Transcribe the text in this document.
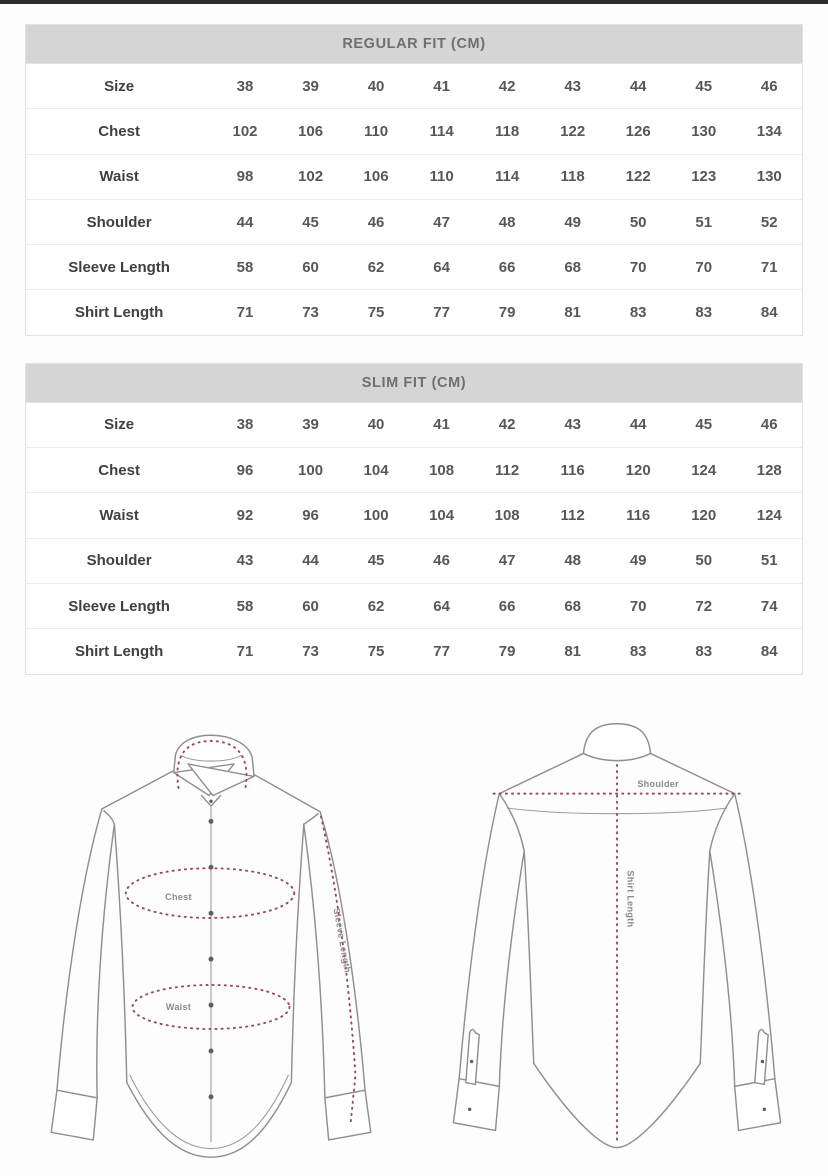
REGULAR FIT (CM)
Size	38	39	40	41	42	43	44	45	46
Chest	102	106	110	114	118	122	126	130	134
Waist	98	102	106	110	114	118	122	123	130
Shoulder	44	45	46	47	48	49	50	51	52
Sleeve Length	58	60	62	64	66	68	70	70	71
Shirt Length	71	73	75	77	79	81	83	83	84
SLIM FIT (CM)
Size	38	39	40	41	42	43	44	45	46
Chest	96	100	104	108	112	116	120	124	128
Waist	92	96	100	104	108	112	116	120	124
Shoulder	43	44	45	46	47	48	49	50	51
Sleeve Length	58	60	62	64	66	68	70	72	74
Shirt Length	71	73	75	77	79	81	83	83	84
Chest
Waist
Sleeve Length
Shoulder
Shirt Length
